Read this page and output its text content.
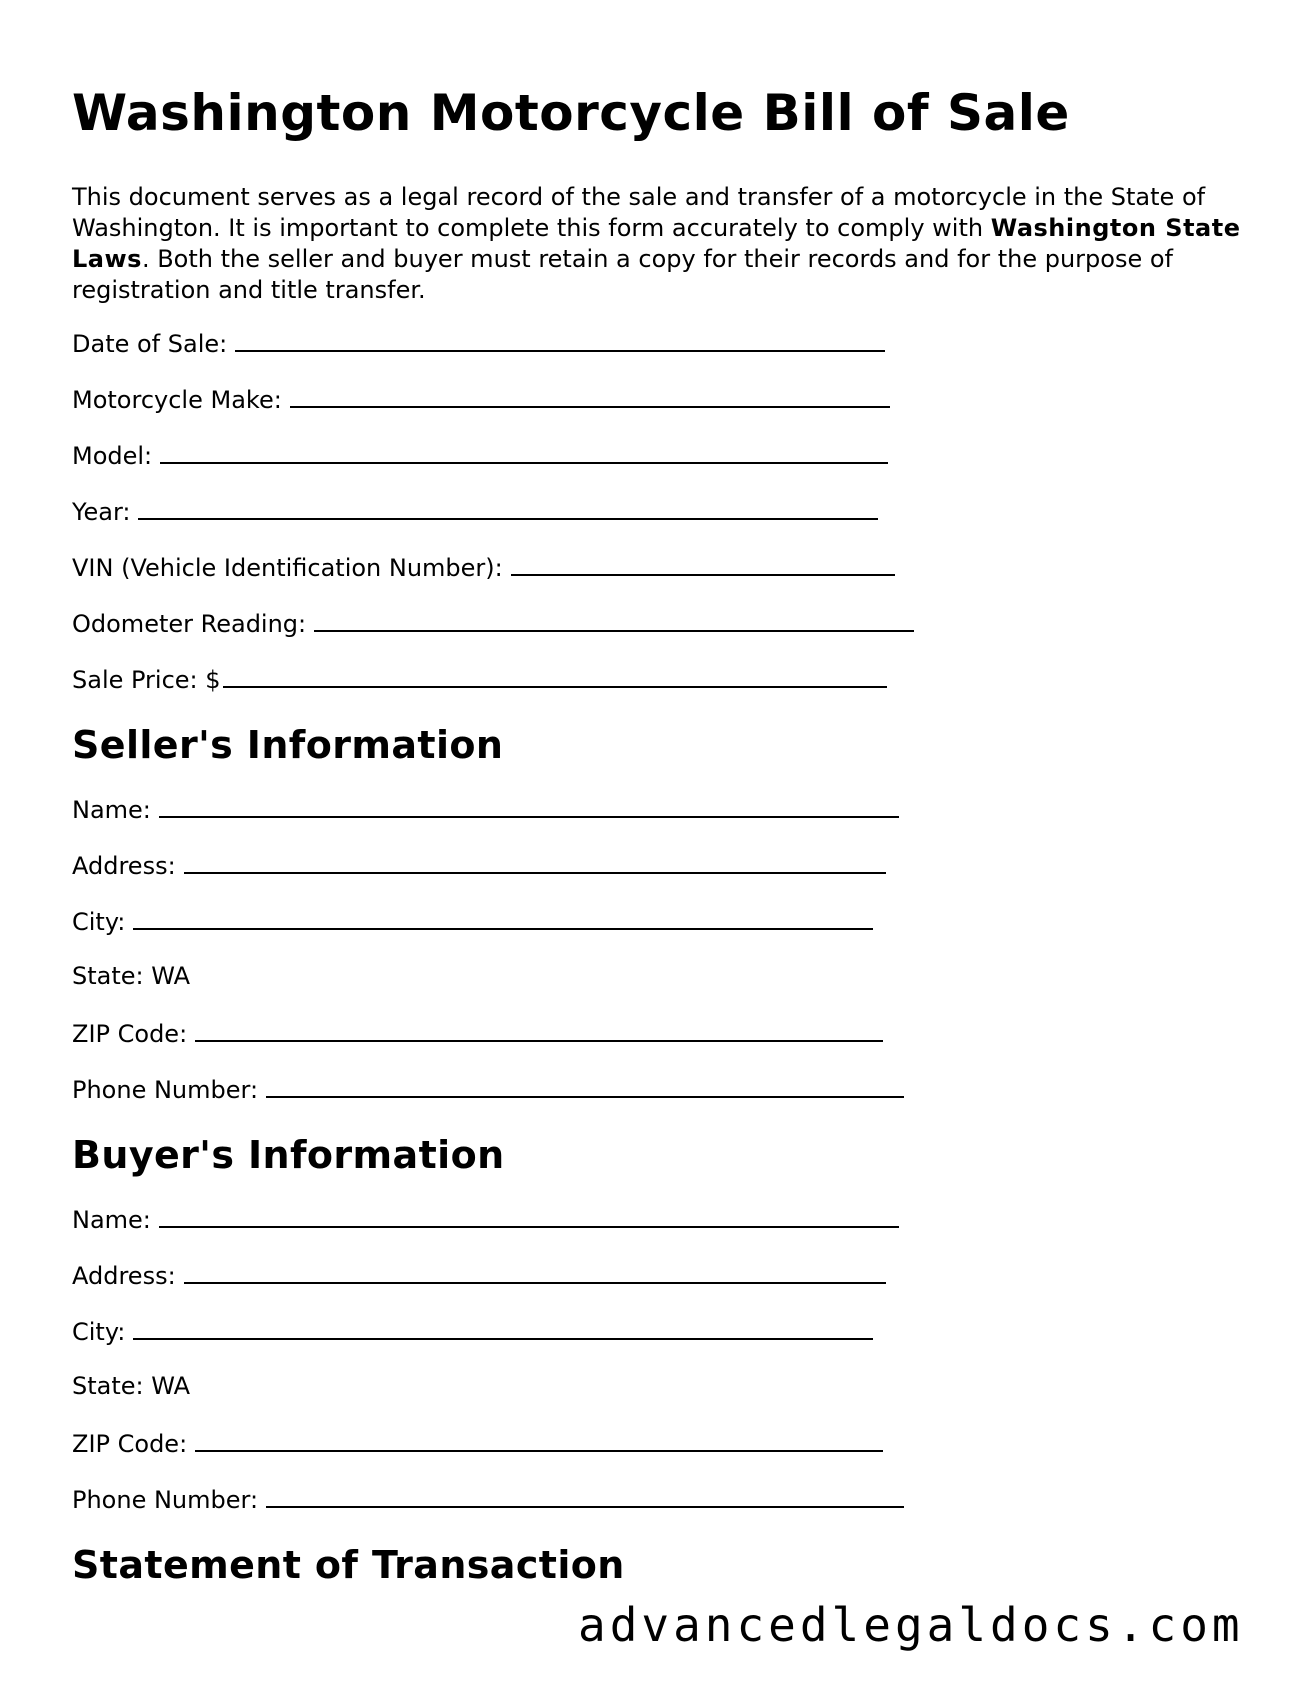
Washington Motorcycle Bill of Sale

This document serves as a legal record of the sale and transfer of a motorcycle in the State of Washington. It is important to complete this form accurately to comply with Washington State Laws. Both the seller and buyer must retain a copy for their records and for the purpose of registration and title transfer.

Date of Sale:
Motorcycle Make:
Model:
Year:
VIN (Vehicle Identification Number):
Odometer Reading:
Sale Price: $
Seller's Information
Name:
Address:
City:
State: WA
ZIP Code:
Phone Number:
Buyer's Information
Name:
Address:
City:
State: WA
ZIP Code:
Phone Number:
Statement of Transaction
advancedlegaldocs.com
